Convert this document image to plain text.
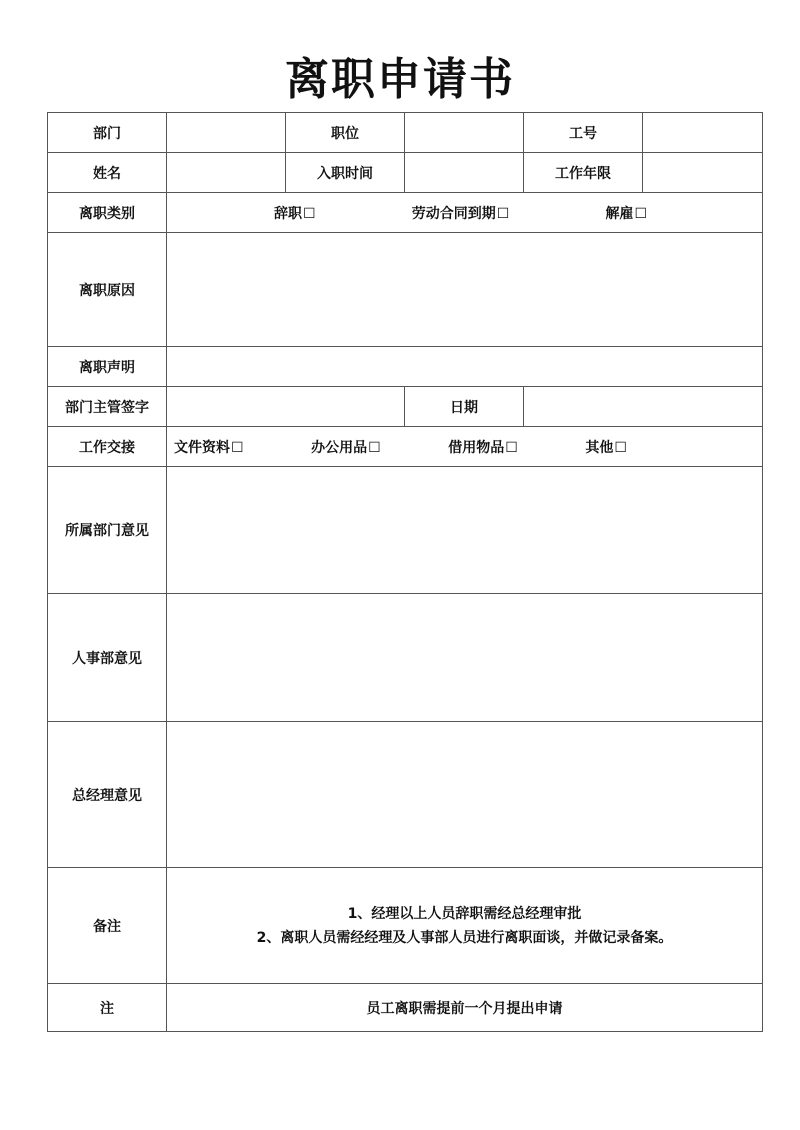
离职申请书
部门		职位		工号	
姓名		入职时间		工作年限	
离职类别	辞职☐ 劳动合同到期☐ 解雇☐				

离职原因					
离职声明					
部门主管签字			日期		
工作交接	文件资料☐ 办公用品☐ 借用物品☐ 其他☐				

所属部门意见					
人事部意见					
总经理意见					
备注	1、经理以上人员辞职需经总经理审批
2、离职人员需经经理及人事部人员进行离职面谈，并做记录备案。				

注	员工离职需提前一个月提出申请				
